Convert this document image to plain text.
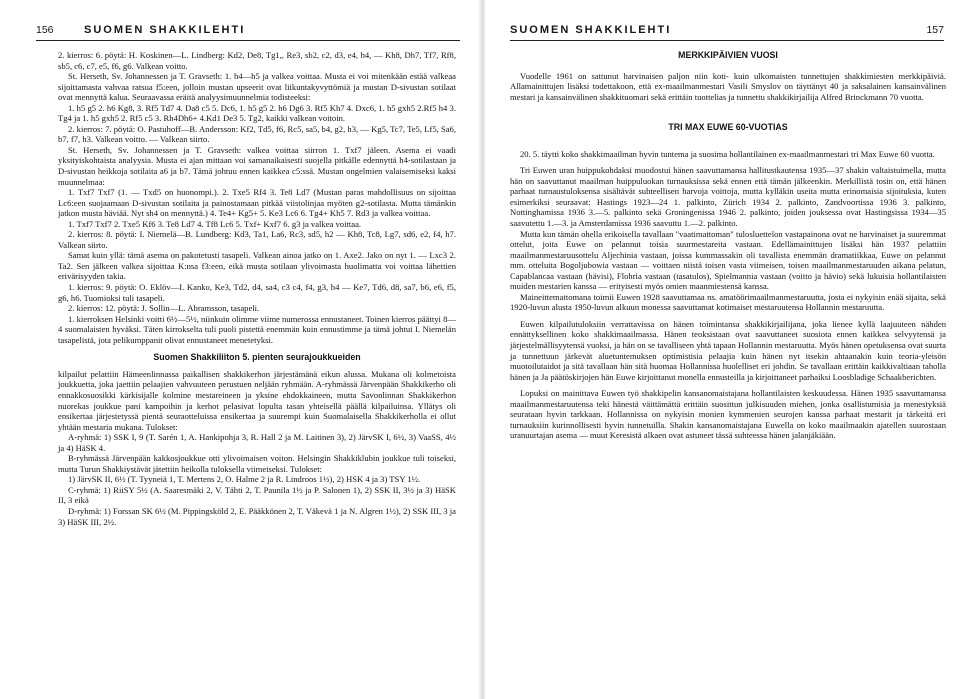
156	SUOMEN SHAKKILEHTI

2. kierros: 6. pöytä: H. Koskinen—L. Lindberg: Kd2, De8, Tg1,, Re3, sb2, c2, d3, e4, h4, — Kh8, Dh7, Tf7, Rf8, sb5, c6, c7, e5, f6, g6. Valkean voitto.

St. Herseth, Sv. Johannessen ja T. Gravseth: 1. h4—h5 ja valkea voittaa. Musta ei voi mitenkään estää valkeaa sijoittamasta vahvaa ratsua f5:een, jolloin mustan upseerit ovat liikuntakyvyttömiä ja mustan D-sivustan sotilaat ovat mennyttä kalua. Seuraavassa eräitä analyysimuunnelmia todisteeksi:

1. h5 g5 2. h6 Kg8, 3. Rf5 Td7 4. Da8 c5 5. Dc6, 1. h5 g5 2. h6 Dg6 3. Rf5 Kh7 4. Dxc6, 1. h5 gxh5 2.Rf5 h4 3. Tg4 ja 1. h5 gxh5 2. Rf5 c5 3. Rh4Dh6+ 4.Kd1 De3 5. Tg2, kaikki valkean voitoin.

2. kierros: 7. pöytä: O. Pastuhoff—B. Andersson: Kf2, Td5, f6, Rc5, sa5, b4, g2, h3, — Kg5, Tc7, Te5, Lf5, Sa6, b7, f7, h3. Valkean voitto. — Valkean siirto.

St. Herseth, Sv. Johannessen ja T. Gravseth: valkea voittaa siirron 1. Txf7 jäleen. Asema ei vaadi yksityiskohtaista analyysia. Musta ei ajan mittaan voi samanaikaisesti suojella pitkälle edennyttä h4-sotilastaan ja D-sivustan heikkoja sotilaita a6 ja b7. Tämä johtuu ennen kaikkea c5:ssä. Mustan ongelmien valaisemiseksi kaksi muunnelmaa:

1. Txf7 Txf7 (1. — Txd5 on huonompi.). 2. Txe5 Rf4 3. Te8 Ld7 (Mustan paras mahdollisuus on sijoittaa Lc6:een suojaamaan D-sivustan sotilaita ja painostamaan pitkää viistolinjaa myöten g2-sotilasta. Mutta tämänkin jatkon musta häviää. Nyt sh4 on mennyttä.) 4. Te4+ Kg5+ 5. Ke3 Lc6 6. Tg4+ Kh5 7. Rd3 ja valkea voittaa.

1. Txf7 Txf7 2. Txe5 Kf6 3. Te8 Ld7 4. Tf8 Lc6 5. Txf+ Kxf7 6. g3 ja valkea voittaa.

2. kierros: 8. pöytä: I. Niemelä—B. Lundberg: Kd3, Ta1, La6, Rc3, sd5, h2 — Kh8, Tc8, Lg7, sd6, e2, f4, h7. Valkean siirto.

Samat kuin yllä: tämä asema on pakotetusti tasapeli. Valkean ainoa jatko on 1. Axe2. Jako on nyt 1. — Lxc3 2. Ta2. Sen jälkeen valkea sijoittaa K:nsa f3:een, eikä musta sotilaan ylivoimasta huolimatta voi voittaa lähettien erivärisyyden takia.

1. kierros: 9. pöytä: O. Eklöv—I. Kanko, Ke3, Td2, d4, sa4, c3 c4, f4, g3, h4 — Ke7, Td6, d8, sa7, b6, e6, f5, g6, h6. Tuomioksi tuli tasapeli.

2. kierros: 12. pöytä: J. Sollin—L. Abramsson, tasapeli.

1. kierroksen Helsinki voitti 6½—5½, niinkuin olimme viime numerossa ennustaneet. Toinen kierros päättyi 8—4 suomalaisten hyväksi. Täten kirrokselta tuli puoli pistettä enemmän kuin ennustimme ja tämä johtui I. Niemelän tasapelistä, jota pelikumppanit olivat ennustaneet menetetyksi.

Suomen Shakkiliiton 5. pienten seurajoukkueiden

kilpailut pelattiin Hämeenlinnassa paikallisen shakkikerhon järjestämänä eikun alussa. Mukana oli kolmetoista joukkuetta, joka jaettiin pelaajien vahvuuteen perustuen neljään ryhmään. A-ryhmässä Järvenpään Shakkikerho oli ennakkosuosikki kärkisijalle kolmine mestareineen ja yksine ehdokkaineen, mutta Savonlinnan Shakkikerhon nuorekas joukkue pani kampoihin ja kerhot pelasivat lopulta tasan yhteisellä päällä kilpailuinsa. Yllätys oli ensikertaa järjestetyssä pientä seuraotteluissa ensikertaa ja suurempi kuin Suomalaisella Shakkikerholla ei ollut yhtään mestaria mukana. Tulokset:

A-ryhmä: 1) SSK I, 9 (T. Sarén 1, A. Hankipohja 3, R. Hall 2 ja M. Laitinen 3), 2) JärvSK I, 6½, 3) VaaSS, 4½ ja 4) HäSK 4.

B-ryhmässä Järvenpään kakkosjoukkue otti ylivoimaisen voiton. Helsingin Shakkiklubin joukkue tuli toiseksi, mutta Turun Shakkiystävät jätettiin heikolla tuloksella viimeiseksi. Tulokset:

1) JärvSK II, 6½ (T. Tyyneiä 1, T. Mertens 2, O. Halme 2 ja R. Lindroos 1½), 2) HSK 4 ja 3) TSY 1½.

C-ryhmä: 1) RiiSY 5½ (A. Saaresmäki 2, V. Tähti 2, T. Paunila 1½ ja P. Salonen 1), 2) SSK II, 3½ ja 3) HäSK II, 3 eikä

D-ryhmä: 1) Forssan SK 6½ (M. Pippingsköld 2, E. Pääkkönen 2, T. Väkevä 1 ja N. Algren 1½), 2) SSK III, 3 ja 3) HäSK III, 2½.

SUOMEN SHAKKILEHTI	157
MERKKIPÄIVIEN VUOSI

Vuodelle 1961 on sattunut harvinaisen paljon niin koti- kuin ulkomaisten tunnettujen shakkimiesten merkkipäiviä. Allamainittujen lisäksi todettakoon, että ex-maailmanmestari Vasili Smyslov on täyttänyt 40 ja saksalainen kansainvälinen mestari ja kansainvälinen shakkituomari sekä erittäin tuottelias ja tunnettu shakkikirjailija Alfred Brinckmann 70 vuotta.

TRI MAX EUWE 60-VUOTIAS

20. 5. täytti koko shakkimaailman hyvin tuntema ja suosima hollantilainen ex-maailmanmestari tri Max Euwe 60 vuotta.

Tri Euwen uran huippukohdaksi muodostui hänen saavuttamansa hallitustkautensa 1935—37 shakin valtaistuimella, mutta hän on saavuttanut maailman huippuluokan turnauksissa sekä ennen että tämän jälkeenkin. Merkillistä tosin on, että hänen parhaat turnaustuloksensa sisältävät suhteellisen harvoja voittoja, mutta kylläkin useita mutta erinomaisia sijoituksia, kuten esimerkiksi seuraavat: Hastings 1923—24 1. palkinto, Zürich 1934 2. palkinto, Zandvoortissa 1936 3. palkinto, Nottinghamissa 1936 3.—5. palkinto sekä Groningenissa 1946 2. palkinto, joiden jouksessa ovat Hastingsissa 1934—35 saavutettu 1.—3. ja Amsterdamissa 1936 saavuttu 1.—2. palkinto.

Mutta kun tämän ohella erikoisella tavallaan "vaatimattoman" tulosluettelon vastapainona ovat ne harvinaiset ja suuremmat ottelut, joita Euwe on pelannut toisia suurmestareita vastaan. Edellämainittujen lisäksi hän 1937 pelattiin maailmanmestaruusottelu Aljechinia vastaan, joissa kummassakin oli tavallista enemmän dramatiikkaa, Euwe on pelannut mm. otteluita Bogoljubowia vastaan — voittaen niistä toisen vasta viimeisen, toisen maailmanmestaruuden aikana pelatun, Capablancaa vastaan (hävisi), Flohria vastaan (tasatulos), Spielmannia vastaan (voitto ja hävio) sekä lukuisia hollantilaisten muiden mestarien kanssa — erityisesti myös omien maanmiestensä kanssa.

Maineittemattomana toimii Euwen 1928 saavuttamaa ns. amatöörimaailmanmestaruutta, josta ei nykyisin enää sijaita, sekä 1920-luvun alusta 1950-luvun alkuun monessa saavuttamat kotimaiset mestaruutensa Hollannin mestaruutta.

Euwen kilpailutuloksiin verrattavissa on hänen toimintansa shakkikirjailijana, joka lienee kyllä laajuuteen nähden ennättyksellinen koko shakkimaailmassa. Hänen teoksistaan ovat saavuttaneet suosiota ennen kaikkea selvyytensä ja järjestelmällisyytensä vuoksi, ja hän on se tavalliseen yhtä tapaan Hollannin mestaruutta. Myös hänen opetuksensa ovat suurta ja tunnettuun järkevät aluetuntemuksen optimistisia pelaajia kuin hänen nyt itsekin ahtaanakin kuin teoria-yleisön muotoilutaidot ja sitä tavallaan hän sitä huomaa Hollannissa huolelliset eri johdin. Se tavallaan erittäin kaikkivaltiaan taholla hänen ja Ja päätöskirjojen hän Euwe kirjoittanut monella ennusteilla ja kirjoittaneet parhaiksi Loosbladige Schaakberichten.

Lopuksi on mainittava Euwen työ shakkipelin kansanomaistajana hollantilaisten keskuudessa. Hänen 1935 saavuttamansa maailmanmestaruutensa teki hänestä väittämättä erittäin suosittun julkisuuden miehen, jonka osallistumisia ja menestyksiä seurataan hyvin tarkkaan. Hollannissa on nykyisin monien kymmenien seurojen kanssa parhaat mestarit ja tärkeitä eri turnauksiin kurinnollisesti hyvin tunnetuilla. Shakin kansanomaistajana Euwella on koko maailmaakin ajatellen suurostaan uranuurtajan asema — muut Keresistä alkaen ovat astuneet tässä suhteessa hänen jalanjäkiään.
